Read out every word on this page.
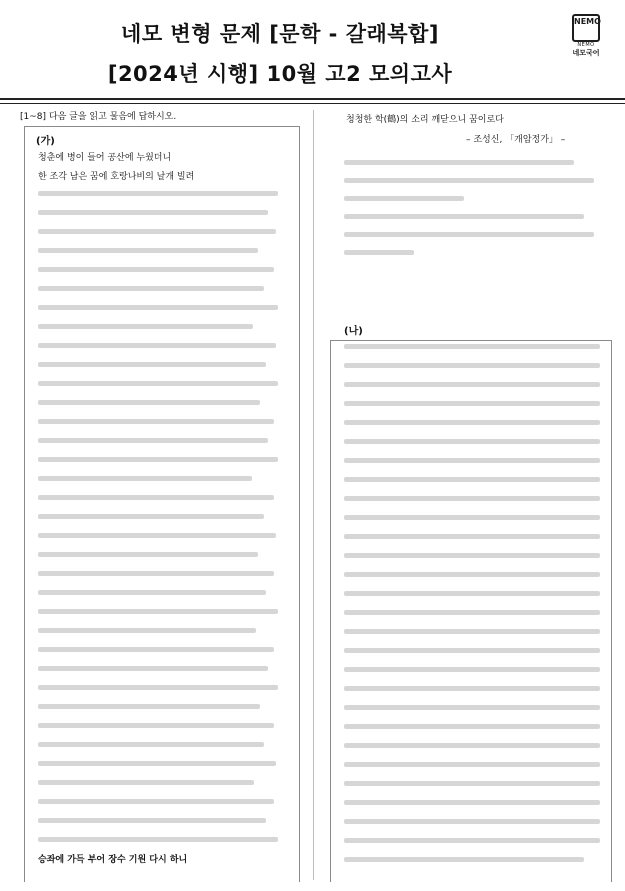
네모 변형 문제 [문학 - 갈래복합]
[2024년 시행] 10월 고2 모의고사
NEMO
NEMO
네모국어
[1~8] 다음 글을 읽고 물음에 답하시오.
(가)
청춘에 병이 들어 공산에 누웠더니
한 조각 남은 꿈에 호랑나비의 날개 빌려
승좌에 가득 부어 장수 기원 다시 하니
청청한 학(鶴)의 소리 깨닫으니 꿈이로다
– 조성신, 「개암정가」 –
(나)
